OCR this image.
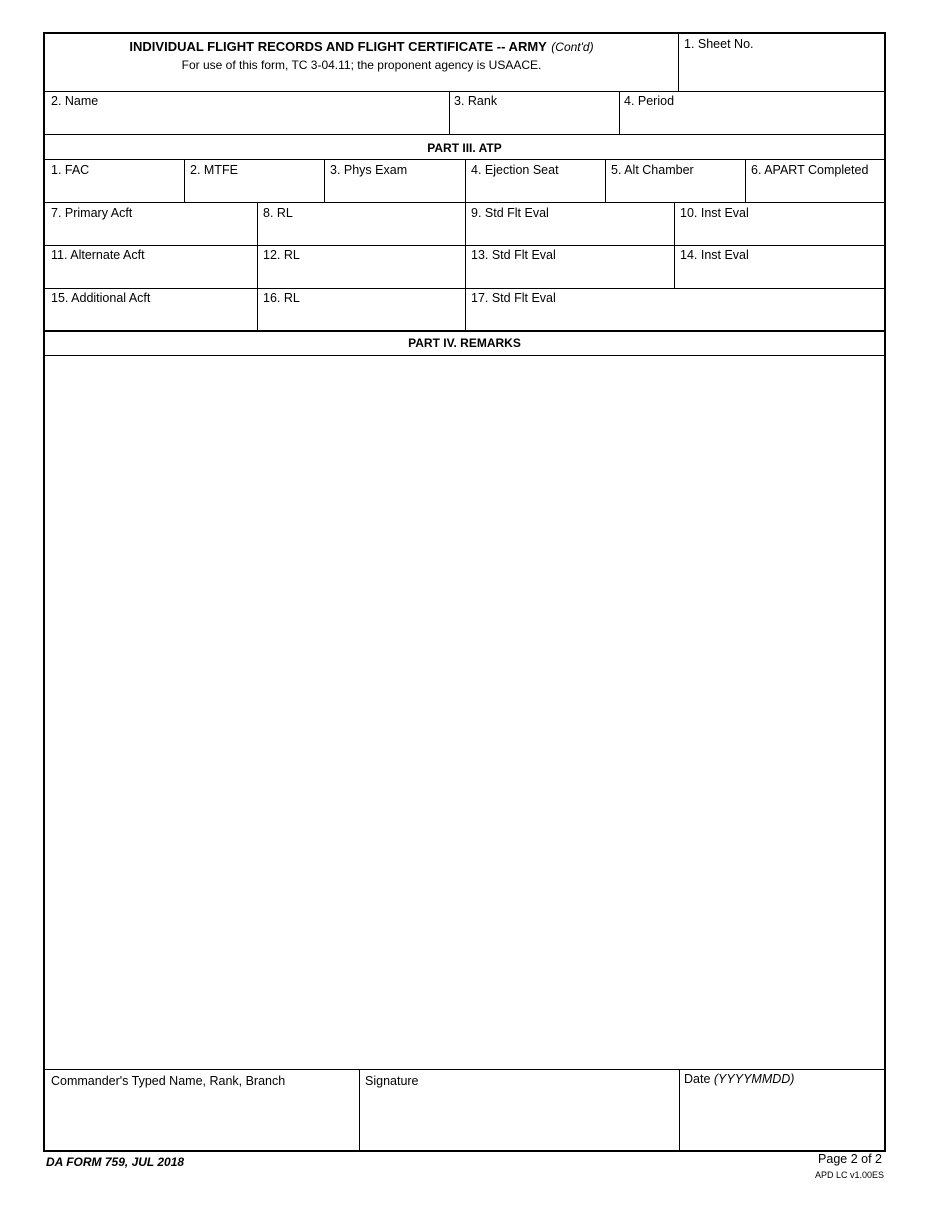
INDIVIDUAL FLIGHT RECORDS AND FLIGHT CERTIFICATE -- ARMY (Cont'd)
For use of this form, TC 3-04.11; the proponent agency is USAACE.
1. Sheet No.
2. Name	3. Rank	4. Period
PART III. ATP
1. FAC	2. MTFE	3. Phys Exam	4. Ejection Seat	5. Alt Chamber	6. APART Completed
7. Primary Acft	8. RL	9. Std Flt Eval	10. Inst Eval
11. Alternate Acft	12. RL	13. Std Flt Eval	14. Inst Eval
15. Additional Acft	16. RL	17. Std Flt Eval
PART IV. REMARKS
Commander's Typed Name, Rank, Branch	Signature	Date (YYYYMMDD)
DA FORM 759, JUL 2018	Page 2 of 2
APD LC v1.00ES
